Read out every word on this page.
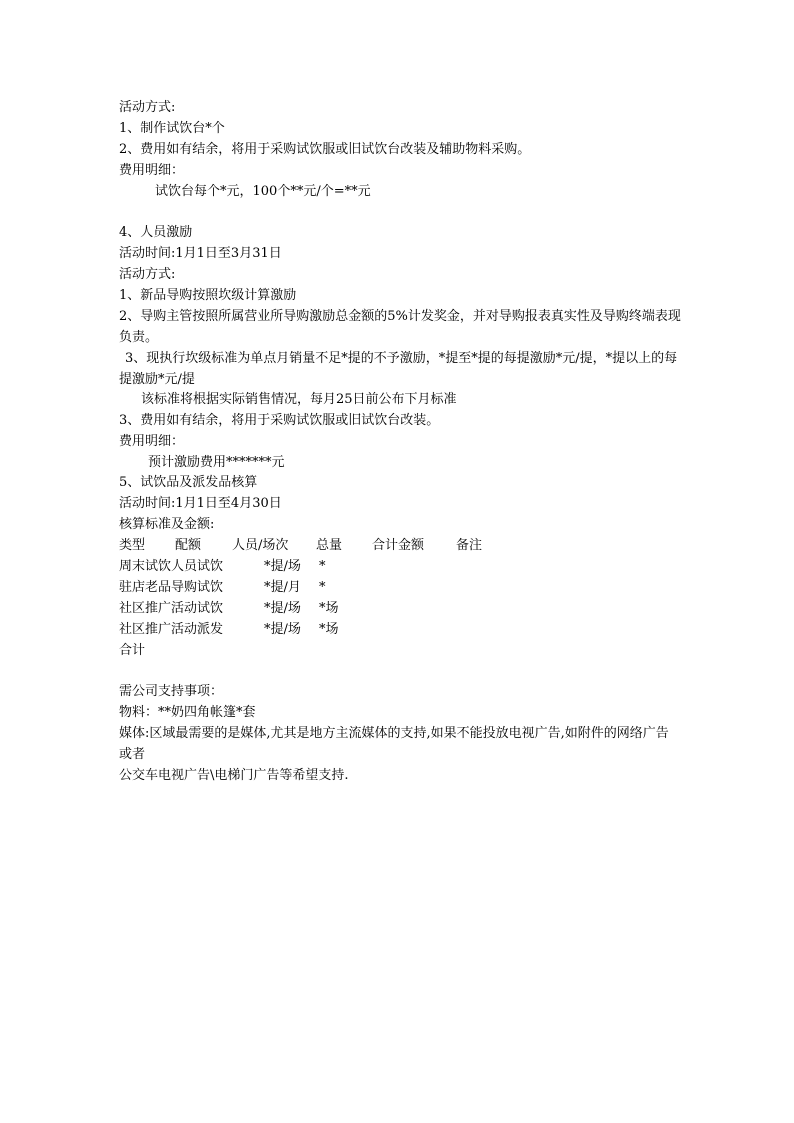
活动方式:
1、制作试饮台*个
2、费用如有结余，将用于采购试饮服或旧试饮台改装及辅助物料采购。
费用明细：
试饮台每个*元，100个**元/个=**元
4、人员激励
活动时间:1月1日至3月31日
活动方式:
1、新品导购按照坎级计算激励
2、导购主管按照所属营业所导购激励总金额的5%计发奖金，并对导购报表真实性及导购终端表现负责。
3、现执行坎级标准为单点月销量不足*提的不予激励，*提至*提的每提激励*元/提，*提以上的每提激励*元/提
该标准将根据实际销售情况，每月25日前公布下月标准
3、费用如有结余，将用于采购试饮服或旧试饮台改装。
费用明细：
预计激励费用*******元
5、试饮品及派发品核算
活动时间:1月1日至4月30日
核算标准及金额:
类型 配额 人员/场次 总量 合计金额 备注
周末试饮人员试饮	*提/场 *
驻店老品导购试饮	*提/月 *
社区推广活动试饮	*提/场 *场
社区推广活动派发	*提/场 *场
合计
需公司支持事项：
物料：**奶四角帐篷*套
媒体:区域最需要的是媒体,尤其是地方主流媒体的支持,如果不能投放电视广告,如附件的网络广告或者
公交车电视广告\电梯门广告等希望支持.
